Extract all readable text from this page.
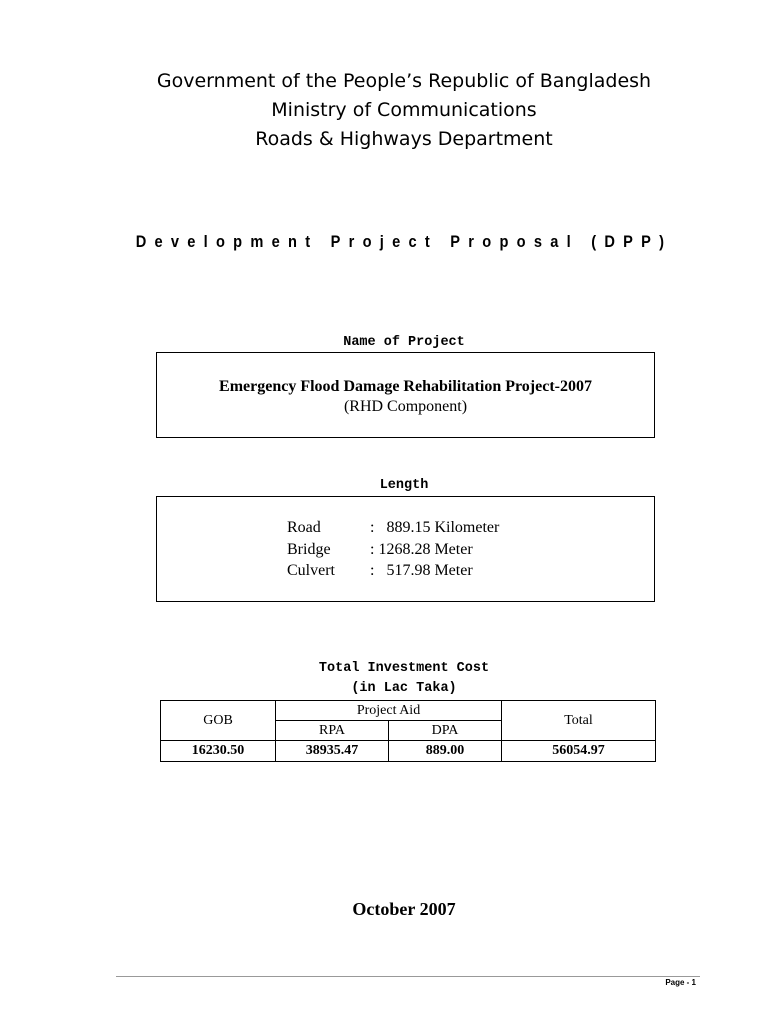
Government of the People’s Republic of Bangladesh
Ministry of Communications
Roads & Highways Department
Development Project Proposal (DPP)
Name of Project
Emergency Flood Damage Rehabilitation Project-2007
(RHD Component)
Length
Road	:   889.15 Kilometer
Bridge : 1268.28 Meter
Culvert :   517.98 Meter
Total Investment Cost
(in Lac Taka)
GOB	Project Aid		Total
	RPA	DPA	
16230.50	38935.47	889.00	56054.97
October 2007
Page - 1
